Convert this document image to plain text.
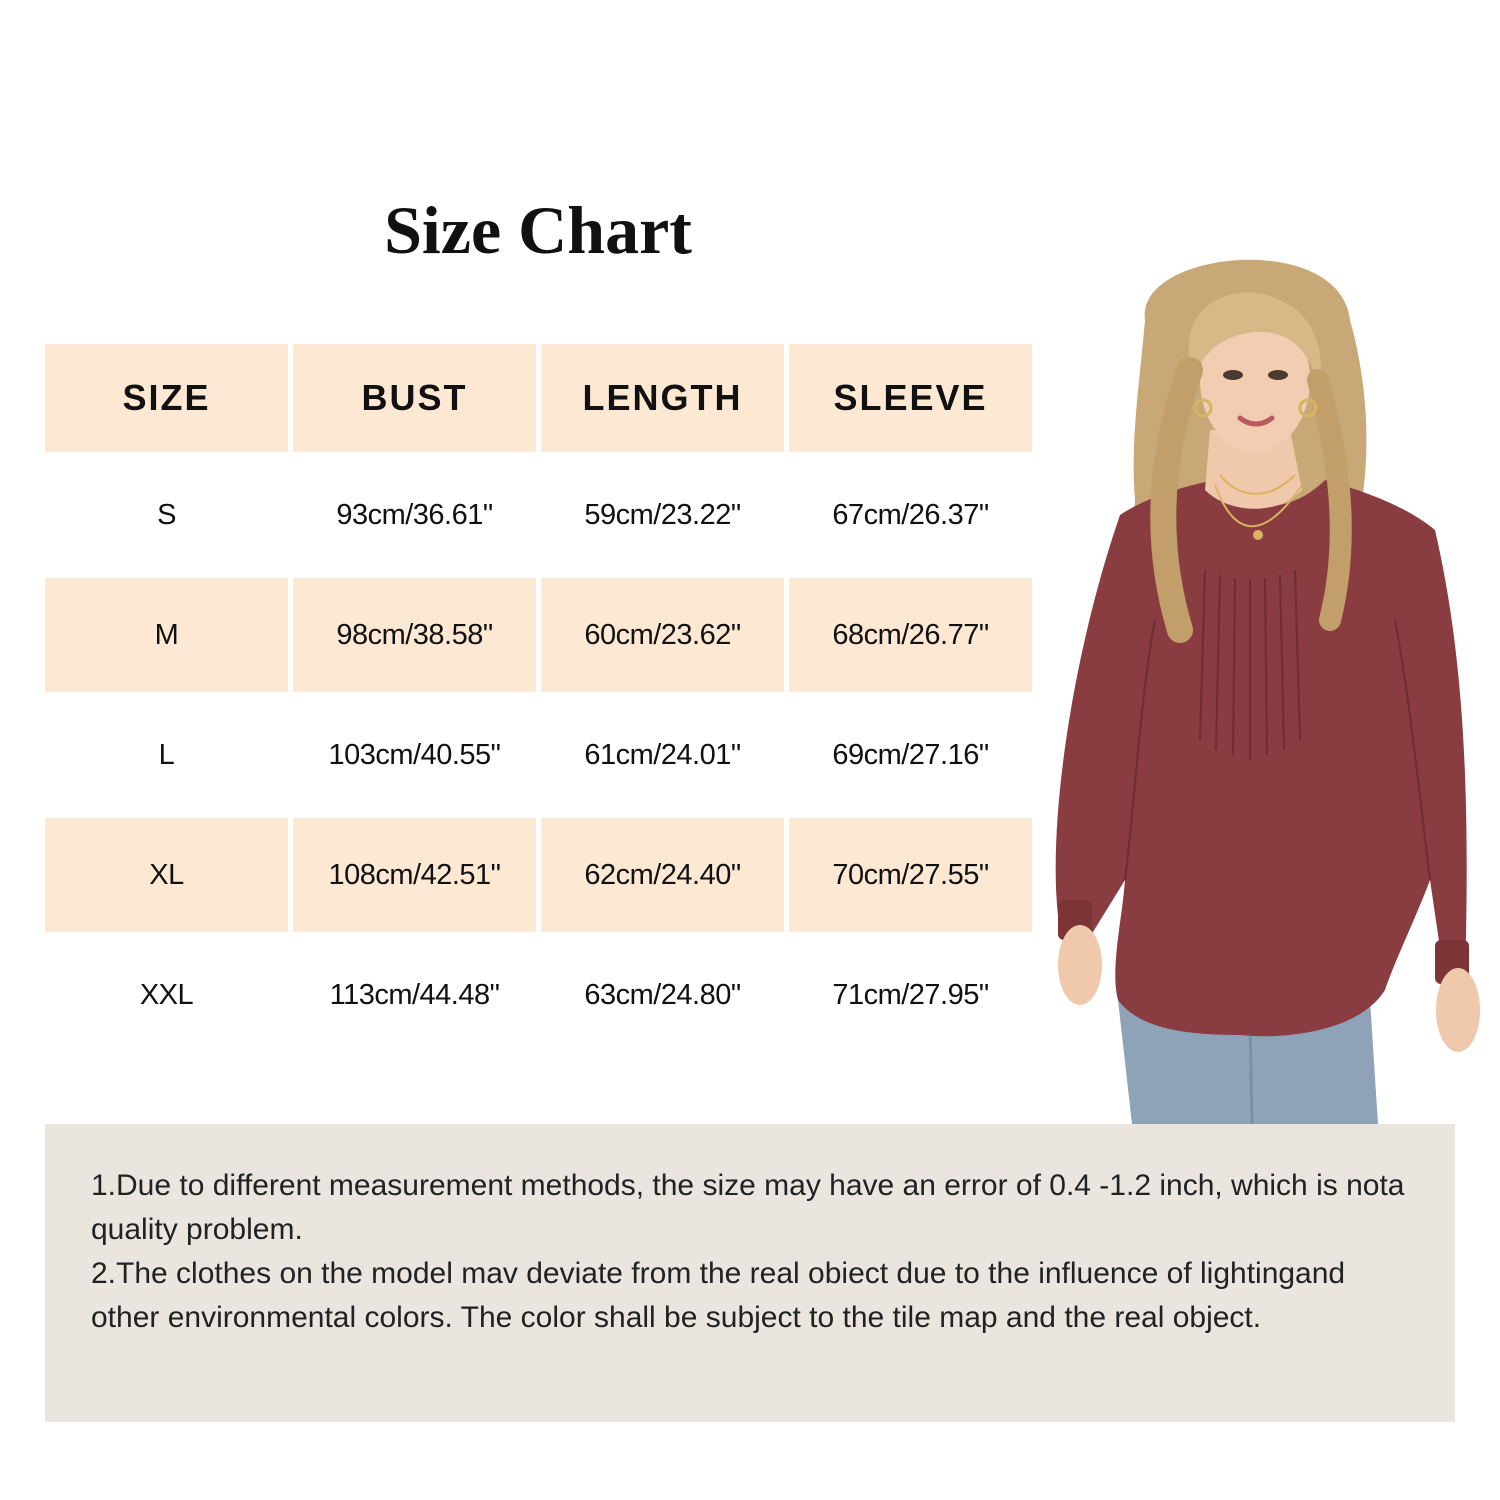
Size Chart
SIZE	BUST	LENGTH	SLEEVE

S	93cm/36.61"	59cm/23.22"	67cm/26.37"

M	98cm/38.58"	60cm/23.62"	68cm/26.77"

L	103cm/40.55"	61cm/24.01"	69cm/27.16"

XL	108cm/42.51"	62cm/24.40"	70cm/27.55"

XXL	113cm/44.48"	63cm/24.80"	71cm/27.95"

1.Due to different measurement methods, the size may have an error of 0.4 -1.2 inch, which is nota quality problem.

2.The clothes on the model mav deviate from the real obiect due to the influence of lightingand other environmental colors. The color shall be subject to the tile map and the real object.
